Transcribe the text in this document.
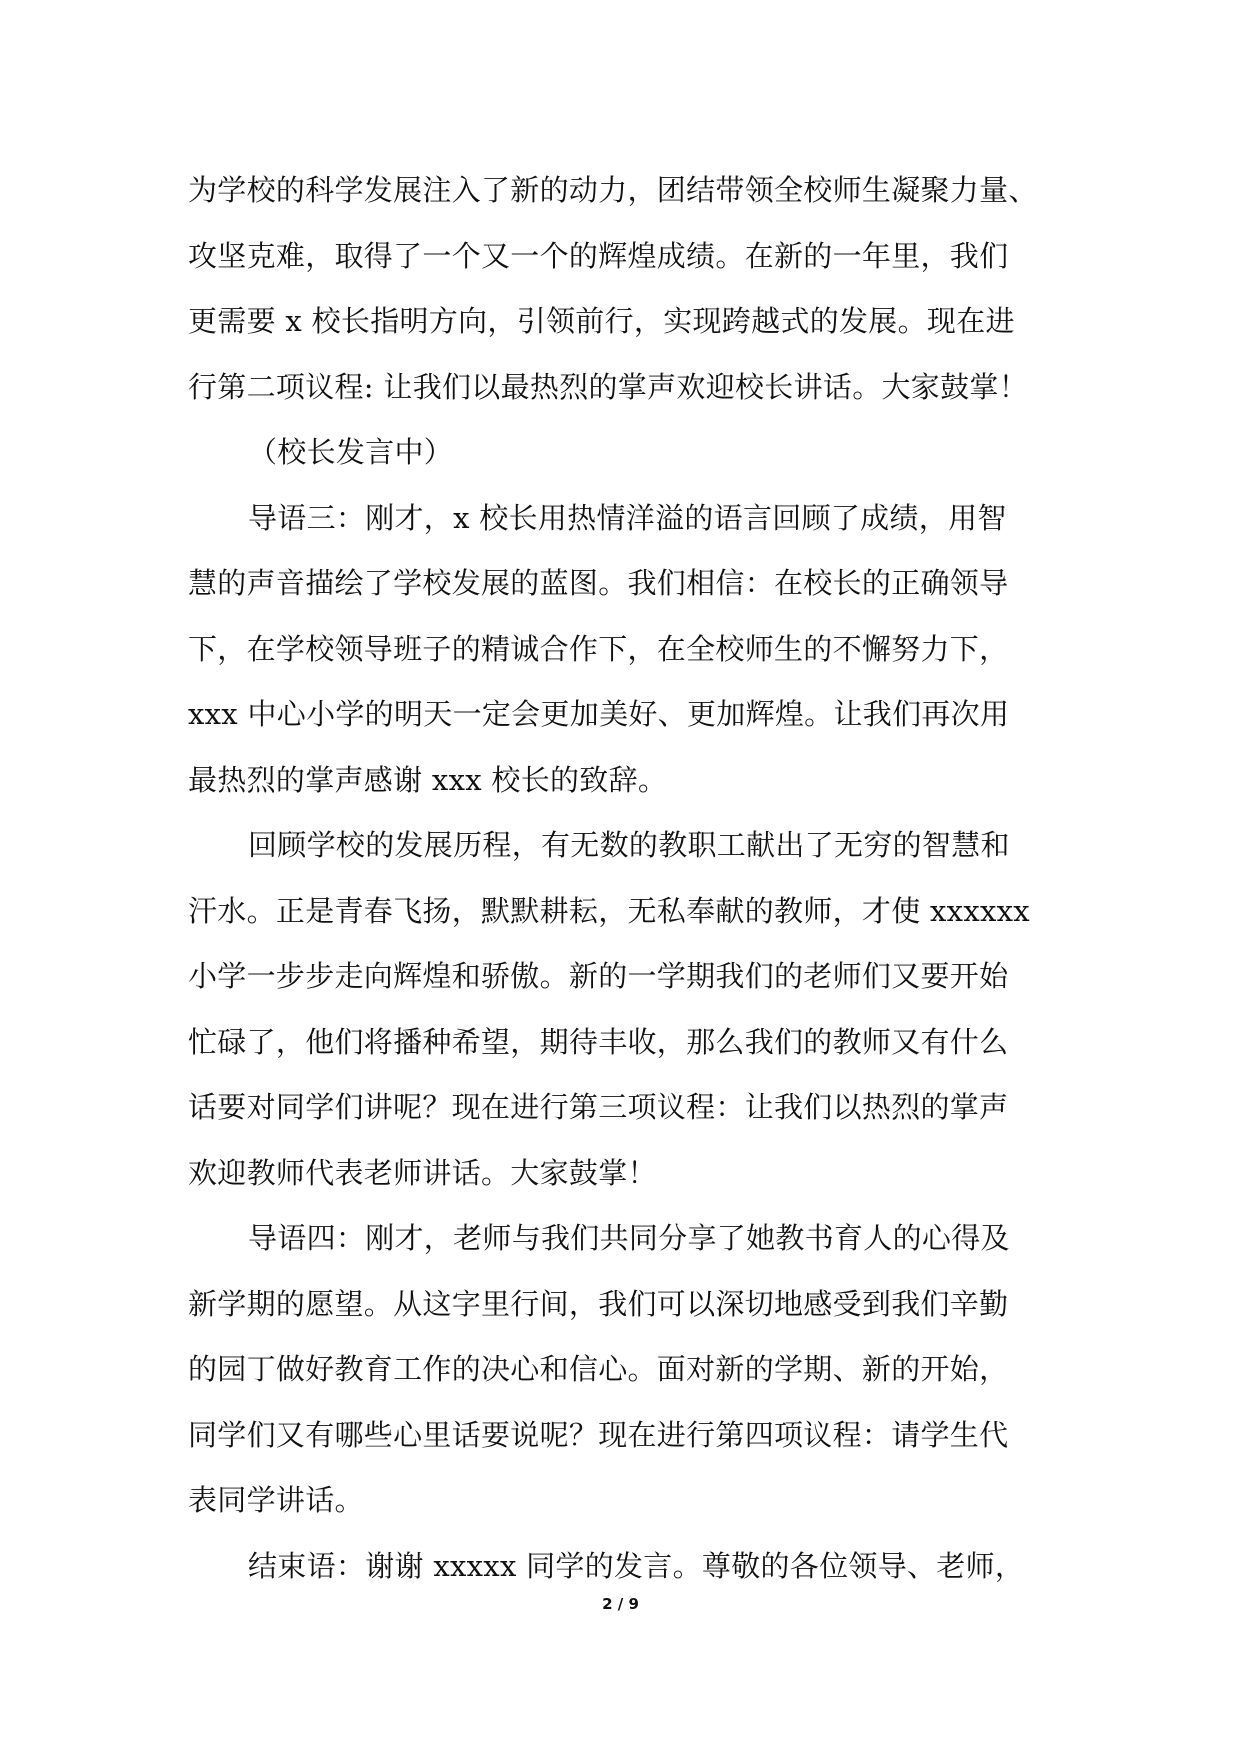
为学校的科学发展注入了新的动力，团结带领全校师生凝聚力量、
攻坚克难，取得了一个又一个的辉煌成绩。在新的一年里，我们
更需要 x 校长指明方向，引领前行，实现跨越式的发展。现在进
行第二项议程: 让我们以最热烈的掌声欢迎校长讲话。大家鼓掌！
（校长发言中）
导语三：刚才，x 校长用热情洋溢的语言回顾了成绩，用智
慧的声音描绘了学校发展的蓝图。我们相信：在校长的正确领导
下，在学校领导班子的精诚合作下，在全校师生的不懈努力下，
xxx 中心小学的明天一定会更加美好、更加辉煌。让我们再次用
最热烈的掌声感谢 xxx 校长的致辞。
回顾学校的发展历程，有无数的教职工献出了无穷的智慧和
汗水。正是青春飞扬，默默耕耘，无私奉献的教师，才使 xxxxxx
小学一步步走向辉煌和骄傲。新的一学期我们的老师们又要开始
忙碌了，他们将播种希望，期待丰收，那么我们的教师又有什么
话要对同学们讲呢？现在进行第三项议程：让我们以热烈的掌声
欢迎教师代表老师讲话。大家鼓掌！
导语四：刚才，老师与我们共同分享了她教书育人的心得及
新学期的愿望。从这字里行间，我们可以深切地感受到我们辛勤
的园丁做好教育工作的决心和信心。面对新的学期、新的开始，
同学们又有哪些心里话要说呢？现在进行第四项议程：请学生代
表同学讲话。
结束语：谢谢 xxxxx 同学的发言。尊敬的各位领导、老师，
2 / 9
